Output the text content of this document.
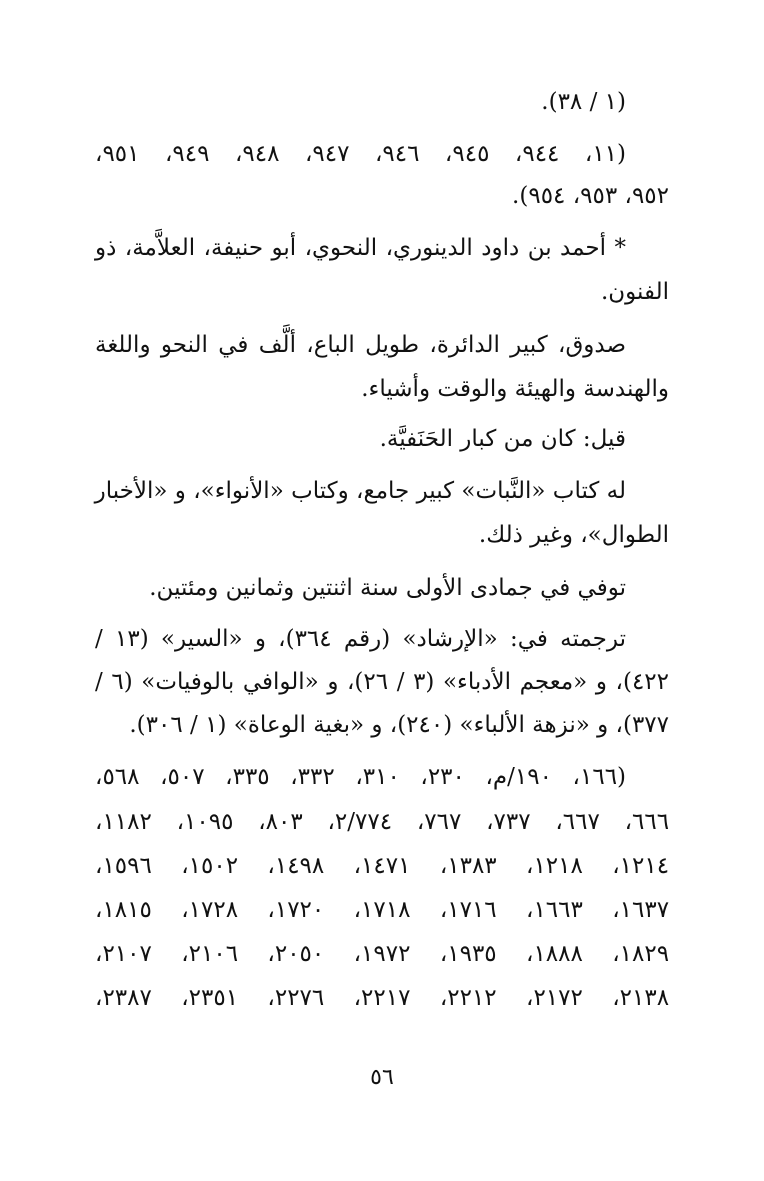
(١ / ٣٨).
(١١، ٩٤٤، ٩٤٥، ٩٤٦، ٩٤٧، ٩٤٨، ٩٤٩، ٩٥١،
٩٥٢، ٩٥٣، ٩٥٤).
* أحمد بن داود الدينوري، النحوي، أبو حنيفة، العلاَّمة، ذو
الفنون.
صدوق، كبير الدائرة، طويل الباع، ألَّف في النحو واللغة
والهندسة والهيئة والوقت وأشياء.
قيل: كان من كبار الحَنَفيَّة.
له كتاب «النَّبات» كبير جامع، وكتاب «الأنواء»، و «الأخبار
الطوال»، وغير ذلك.
توفي في جمادى الأولى سنة اثنتين وثمانين ومئتين.
ترجمته في: «الإرشاد» (رقم ٣٦٤)، و «السير» (١٣ /
٤٢٢)، و «معجم الأدباء» (٣ / ٢٦)، و «الوافي بالوفيات» (٦ /
٣٧٧)، و «نزهة الألباء» (٢٤٠)، و «بغية الوعاة» (١ / ٣٠٦).
(١٦٦، ١٩٠/م، ٢٣٠، ٣١٠، ٣٣٢، ٣٣٥، ٥٠٧، ٥٦٨،
٦٦٦، ٦٦٧، ٧٣٧، ٧٦٧، ٢/٧٧٤، ٨٠٣، ١٠٩٥، ١١٨٢،
١٢١٤، ١٢١٨، ١٣٨٣، ١٤٧١، ١٤٩٨، ١٥٠٢، ١٥٩٦،
١٦٣٧، ١٦٦٣، ١٧١٦، ١٧١٨، ١٧٢٠، ١٧٢٨، ١٨١٥،
١٨٢٩، ١٨٨٨، ١٩٣٥، ١٩٧٢، ٢٠٥٠، ٢١٠٦، ٢١٠٧،
٢١٣٨، ٢١٧٢، ٢٢١٢، ٢٢١٧، ٢٢٧٦، ٢٣٥١، ٢٣٨٧،
٥٦
